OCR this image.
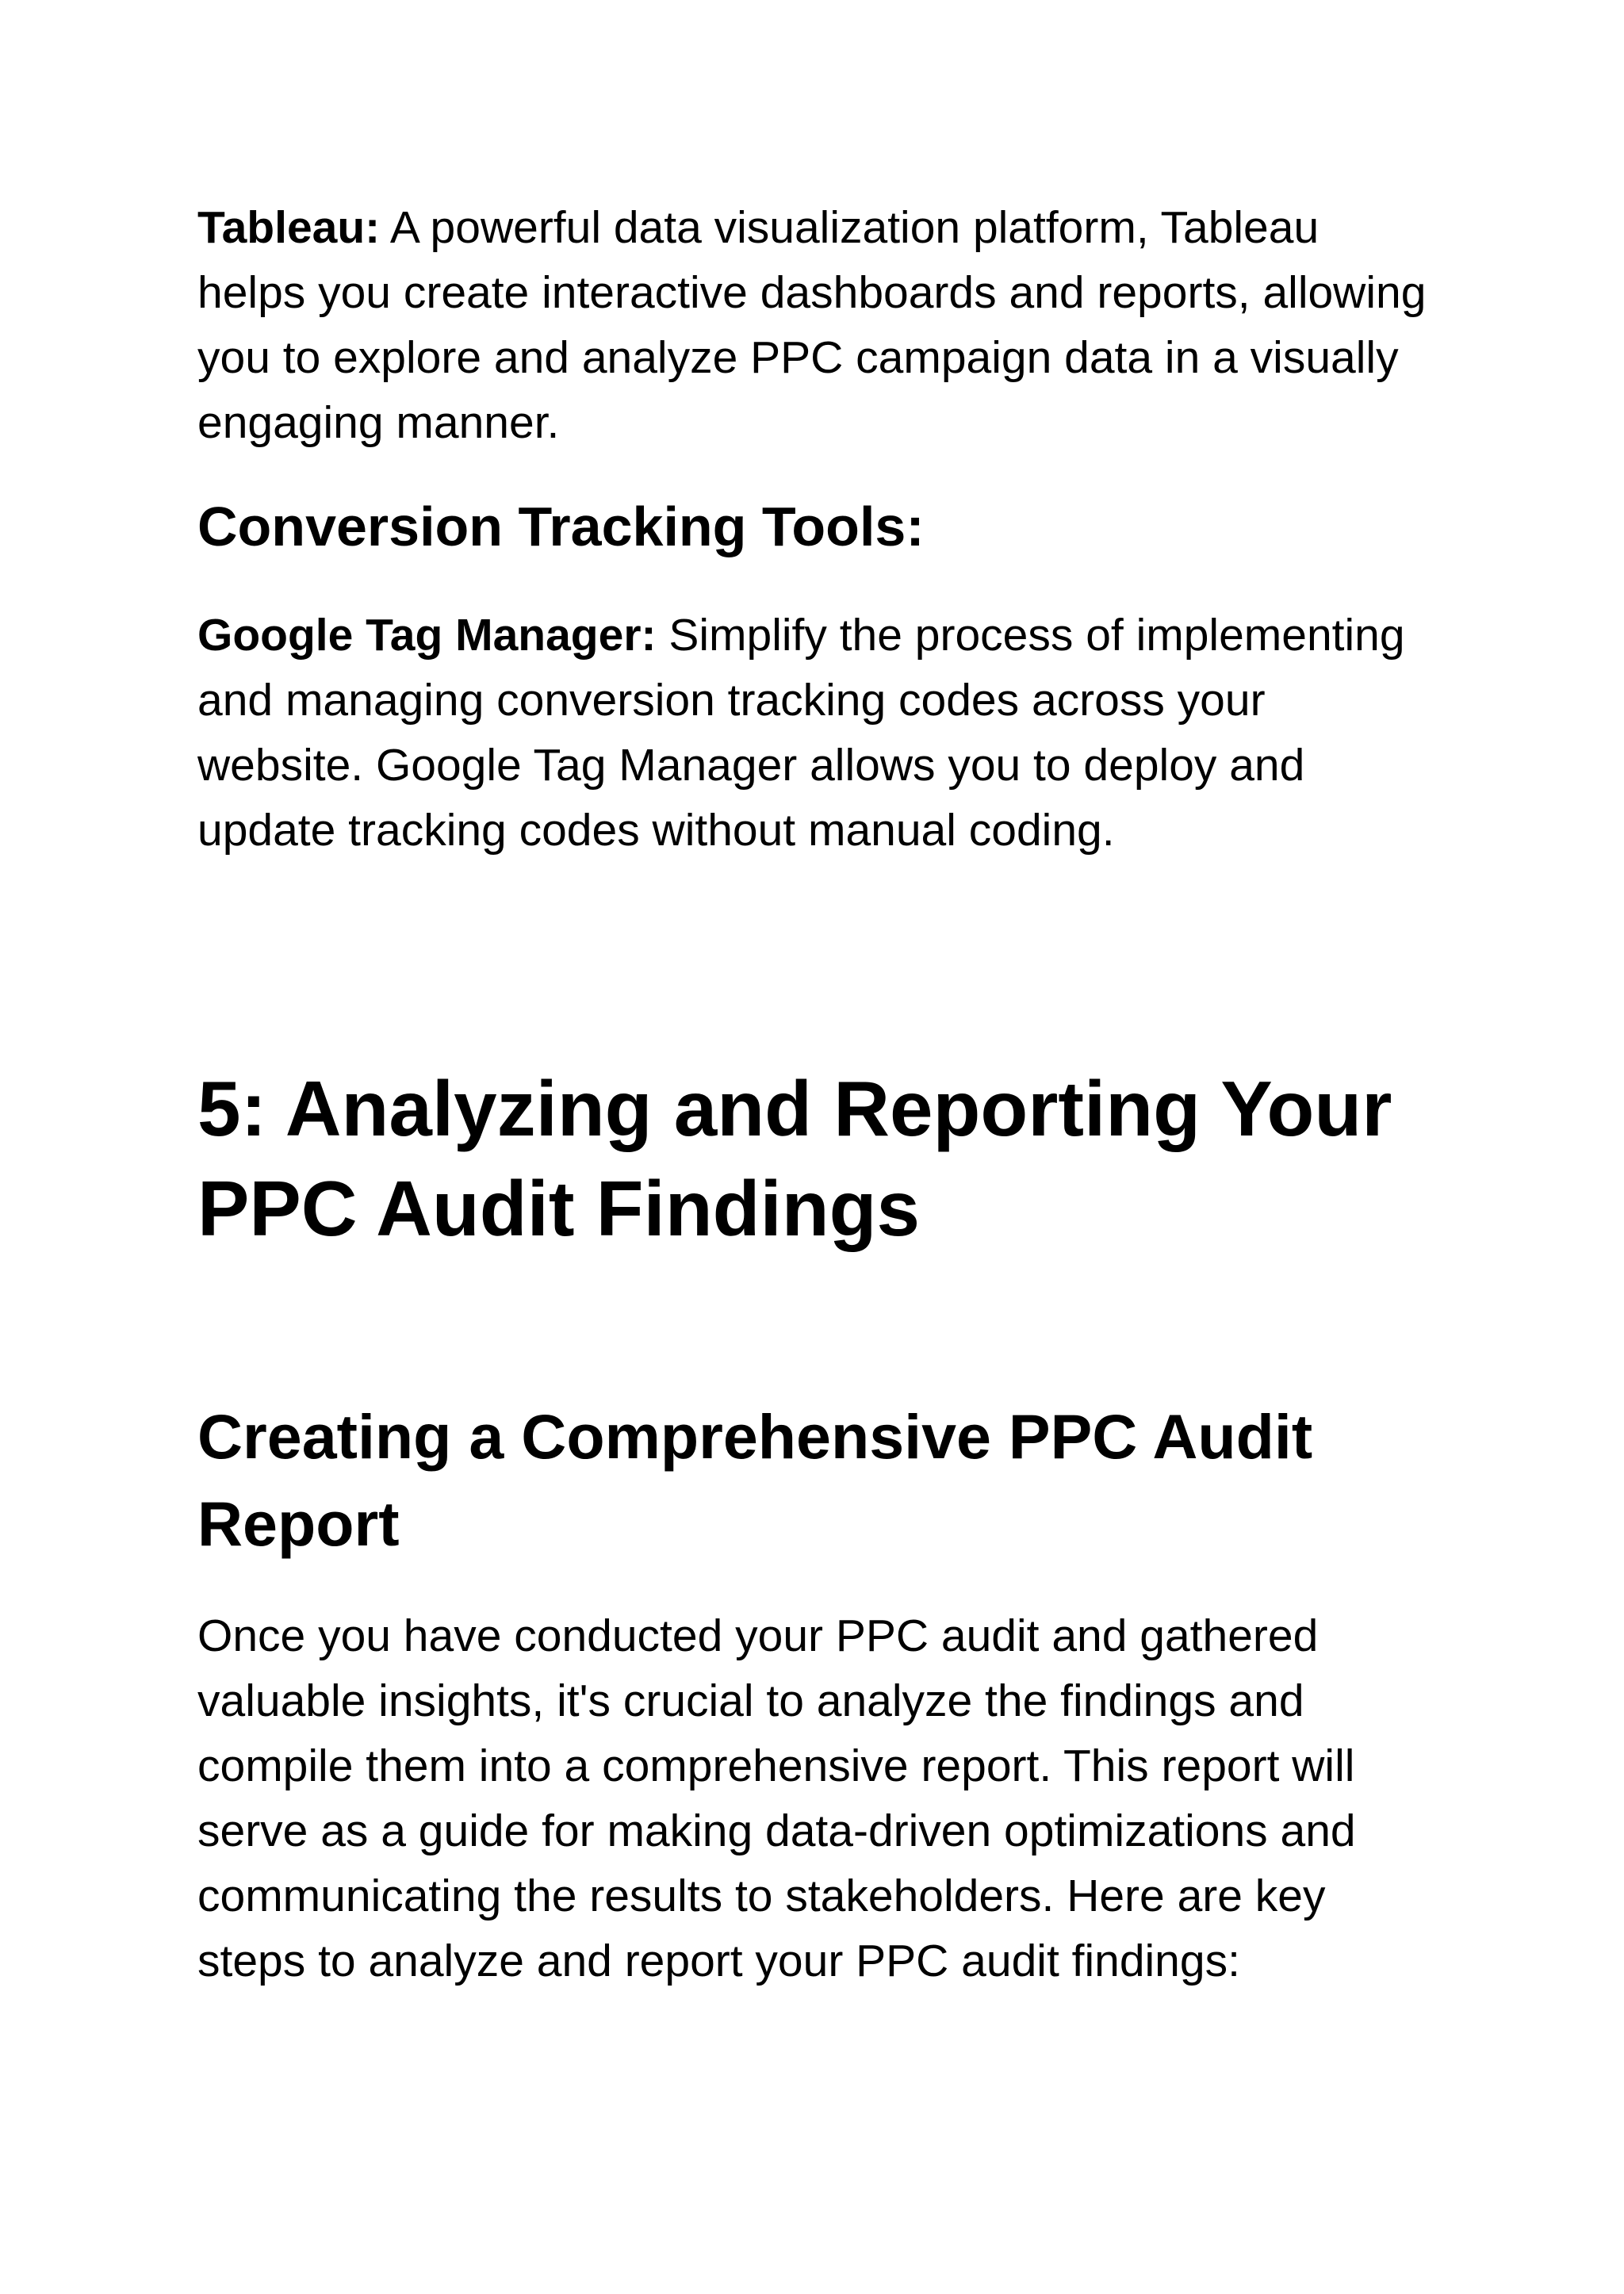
Tableau: A powerful data visualization platform, Tableau helps you create interactive dashboards and reports, allowing you to explore and analyze PPC campaign data in a visually engaging manner.

Conversion Tracking Tools:

Google Tag Manager: Simplify the process of implementing and managing conversion tracking codes across your website. Google Tag Manager allows you to deploy and update tracking codes without manual coding.

5: Analyzing and Reporting Your PPC Audit Findings
Creating a Comprehensive PPC Audit Report

Once you have conducted your PPC audit and gathered valuable insights, it's crucial to analyze the findings and compile them into a comprehensive report. This report will serve as a guide for making data-driven optimizations and communicating the results to stakeholders. Here are key steps to analyze and report your PPC audit findings:
